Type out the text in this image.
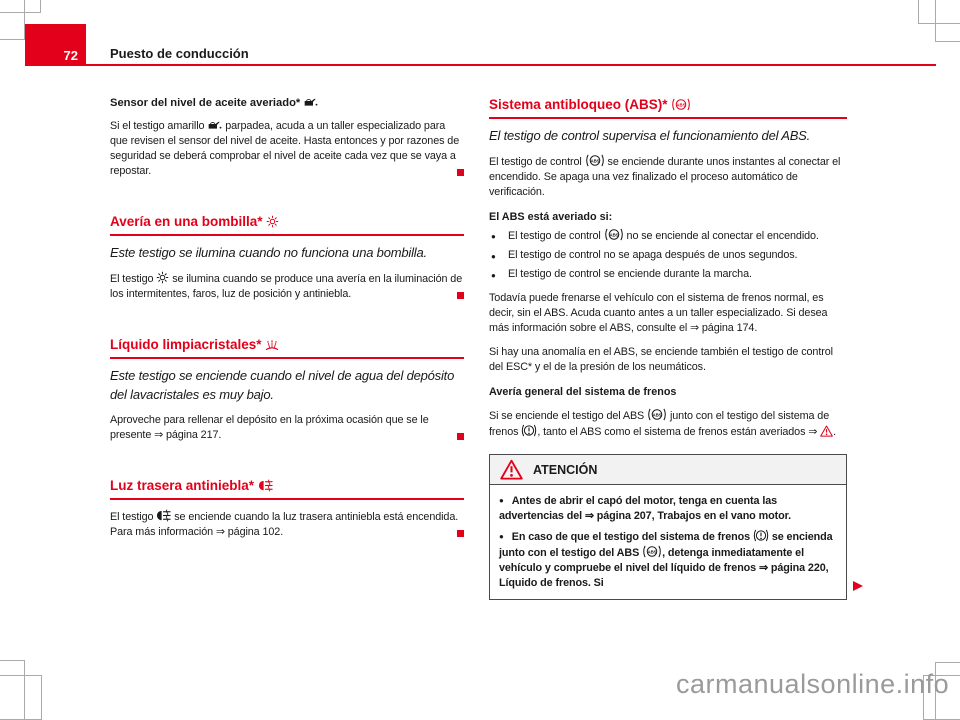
72 Puesto de conducción
Sensor del nivel de aceite averiado*
Si el testigo amarillo  parpadea, acuda a un taller especializado para que revisen el sensor del nivel de aceite. Hasta entonces y por razones de seguridad se deberá comprobar el nivel de aceite cada vez que se vaya a repostar.
Avería en una bombilla*
Este testigo se ilumina cuando no funciona una bombilla.
El testigo  se ilumina cuando se produce una avería en la iluminación de los intermitentes, faros, luz de posición y antiniebla.
Líquido limpiacristales*
Este testigo se enciende cuando el nivel de agua del depósito del lavacristales es muy bajo.
Aproveche para rellenar el depósito en la próxima ocasión que se le presente ⇒ página 217.
Luz trasera antiniebla*
El testigo  se enciende cuando la luz trasera antiniebla está encendida. Para más información ⇒ página 102.
Sistema antibloqueo (ABS)* ABS
El testigo de control supervisa el funcionamiento del ABS.
El testigo de control ABS se enciende durante unos instantes al conectar el encendido. Se apaga una vez finalizado el proceso automático de verificación.
El ABS está averiado si:
● El testigo de control ABS no se enciende al conectar el encendido.
● El testigo de control no se apaga después de unos segundos.
● El testigo de control se enciende durante la marcha.
Todavía puede frenarse el vehículo con el sistema de frenos normal, es decir, sin el ABS. Acuda cuanto antes a un taller especializado. Si desea más información sobre el ABS, consulte el ⇒ página 174.
Si hay una anomalía en el ABS, se enciende también el testigo de control del ESC* y el de la presión de los neumáticos.
Avería general del sistema de frenos
Si se enciende el testigo del ABS ABS junto con el testigo del sistema de frenos , tanto el ABS como el sistema de frenos están averiados ⇒ .
ATENCIÓN
● Antes de abrir el capó del motor, tenga en cuenta las advertencias del ⇒ página 207, Trabajos en el vano motor.
● En caso de que el testigo del sistema de frenos  se encienda junto con el testigo del ABS ABS , detenga inmediatamente el vehículo y compruebe el nivel del líquido de frenos ⇒ página 220, Líquido de frenos. Si
carmanualsonline.info
